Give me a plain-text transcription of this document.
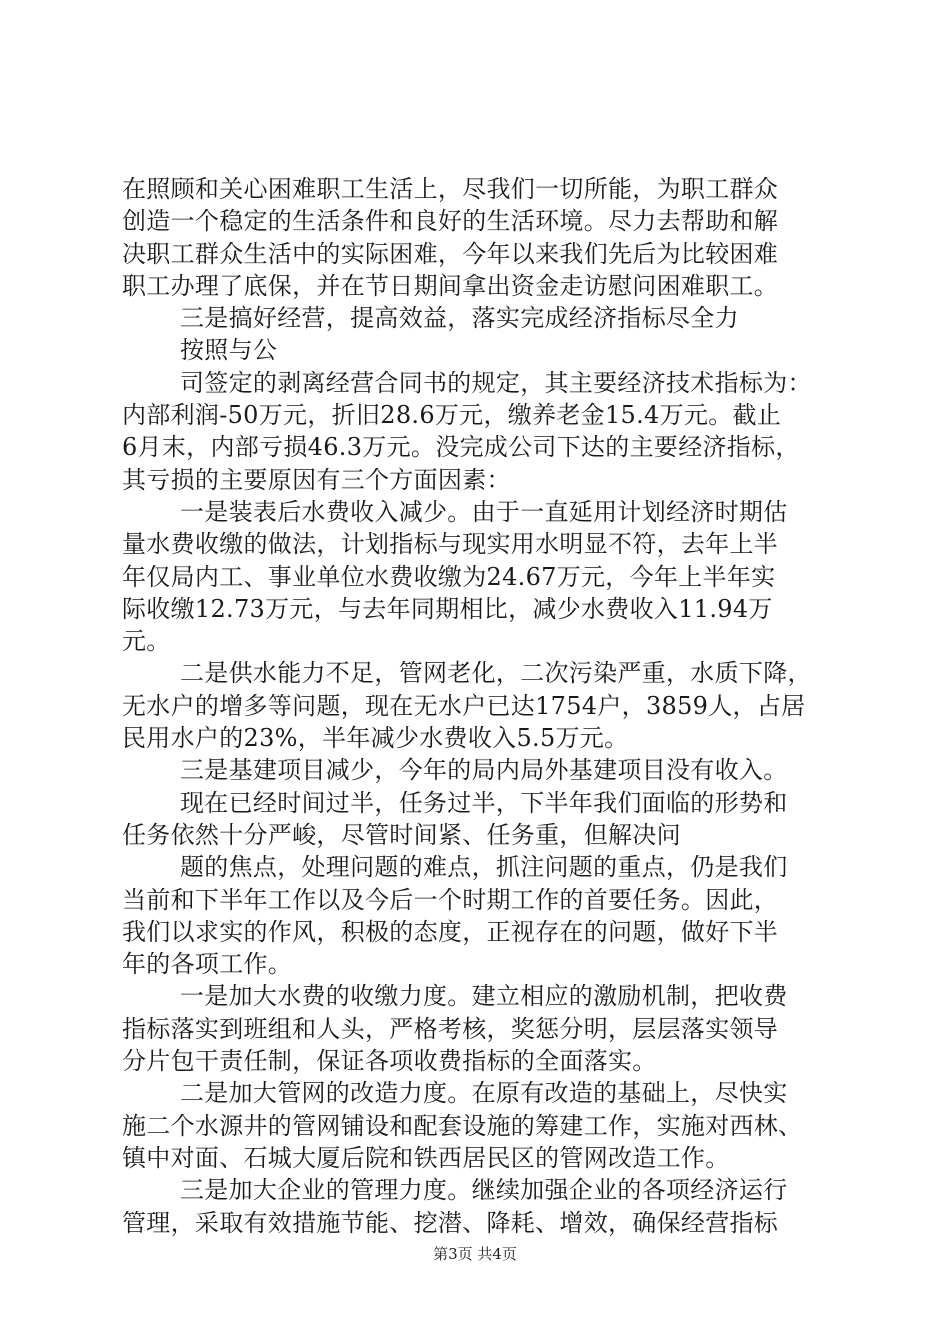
在照顾和关心困难职工生活上，尽我们一切所能，为职工群众
创造一个稳定的生活条件和良好的生活环境。尽力去帮助和解
决职工群众生活中的实际困难，今年以来我们先后为比较困难
职工办理了底保，并在节日期间拿出资金走访慰问困难职工。
三是搞好经营，提高效益，落实完成经济指标尽全力
按照与公
司签定的剥离经营合同书的规定，其主要经济技术指标为：
内部利润-50万元，折旧28.6万元，缴养老金15.4万元。截止
6月末，内部亏损46.3万元。没完成公司下达的主要经济指标，
其亏损的主要原因有三个方面因素：
一是装表后水费收入减少。由于一直延用计划经济时期估
量水费收缴的做法，计划指标与现实用水明显不符，去年上半
年仅局内工、事业单位水费收缴为24.67万元，今年上半年实
际收缴12.73万元，与去年同期相比，减少水费收入11.94万
元。
二是供水能力不足，管网老化，二次污染严重，水质下降，
无水户的增多等问题，现在无水户已达1754户，3859人，占居
民用水户的23%，半年减少水费收入5.5万元。
三是基建项目减少，今年的局内局外基建项目没有收入。
现在已经时间过半，任务过半，下半年我们面临的形势和
任务依然十分严峻，尽管时间紧、任务重，但解决问
题的焦点，处理问题的难点，抓注问题的重点，仍是我们
当前和下半年工作以及今后一个时期工作的首要任务。因此，
我们以求实的作风，积极的态度，正视存在的问题，做好下半
年的各项工作。
一是加大水费的收缴力度。建立相应的激励机制，把收费
指标落实到班组和人头，严格考核，奖惩分明，层层落实领导
分片包干责任制，保证各项收费指标的全面落实。
二是加大管网的改造力度。在原有改造的基础上，尽快实
施二个水源井的管网铺设和配套设施的筹建工作，实施对西林、
镇中对面、石城大厦后院和铁西居民区的管网改造工作。
三是加大企业的管理力度。继续加强企业的各项经济运行
管理，采取有效措施节能、挖潜、降耗、增效，确保经营指标
第3页 共4页
